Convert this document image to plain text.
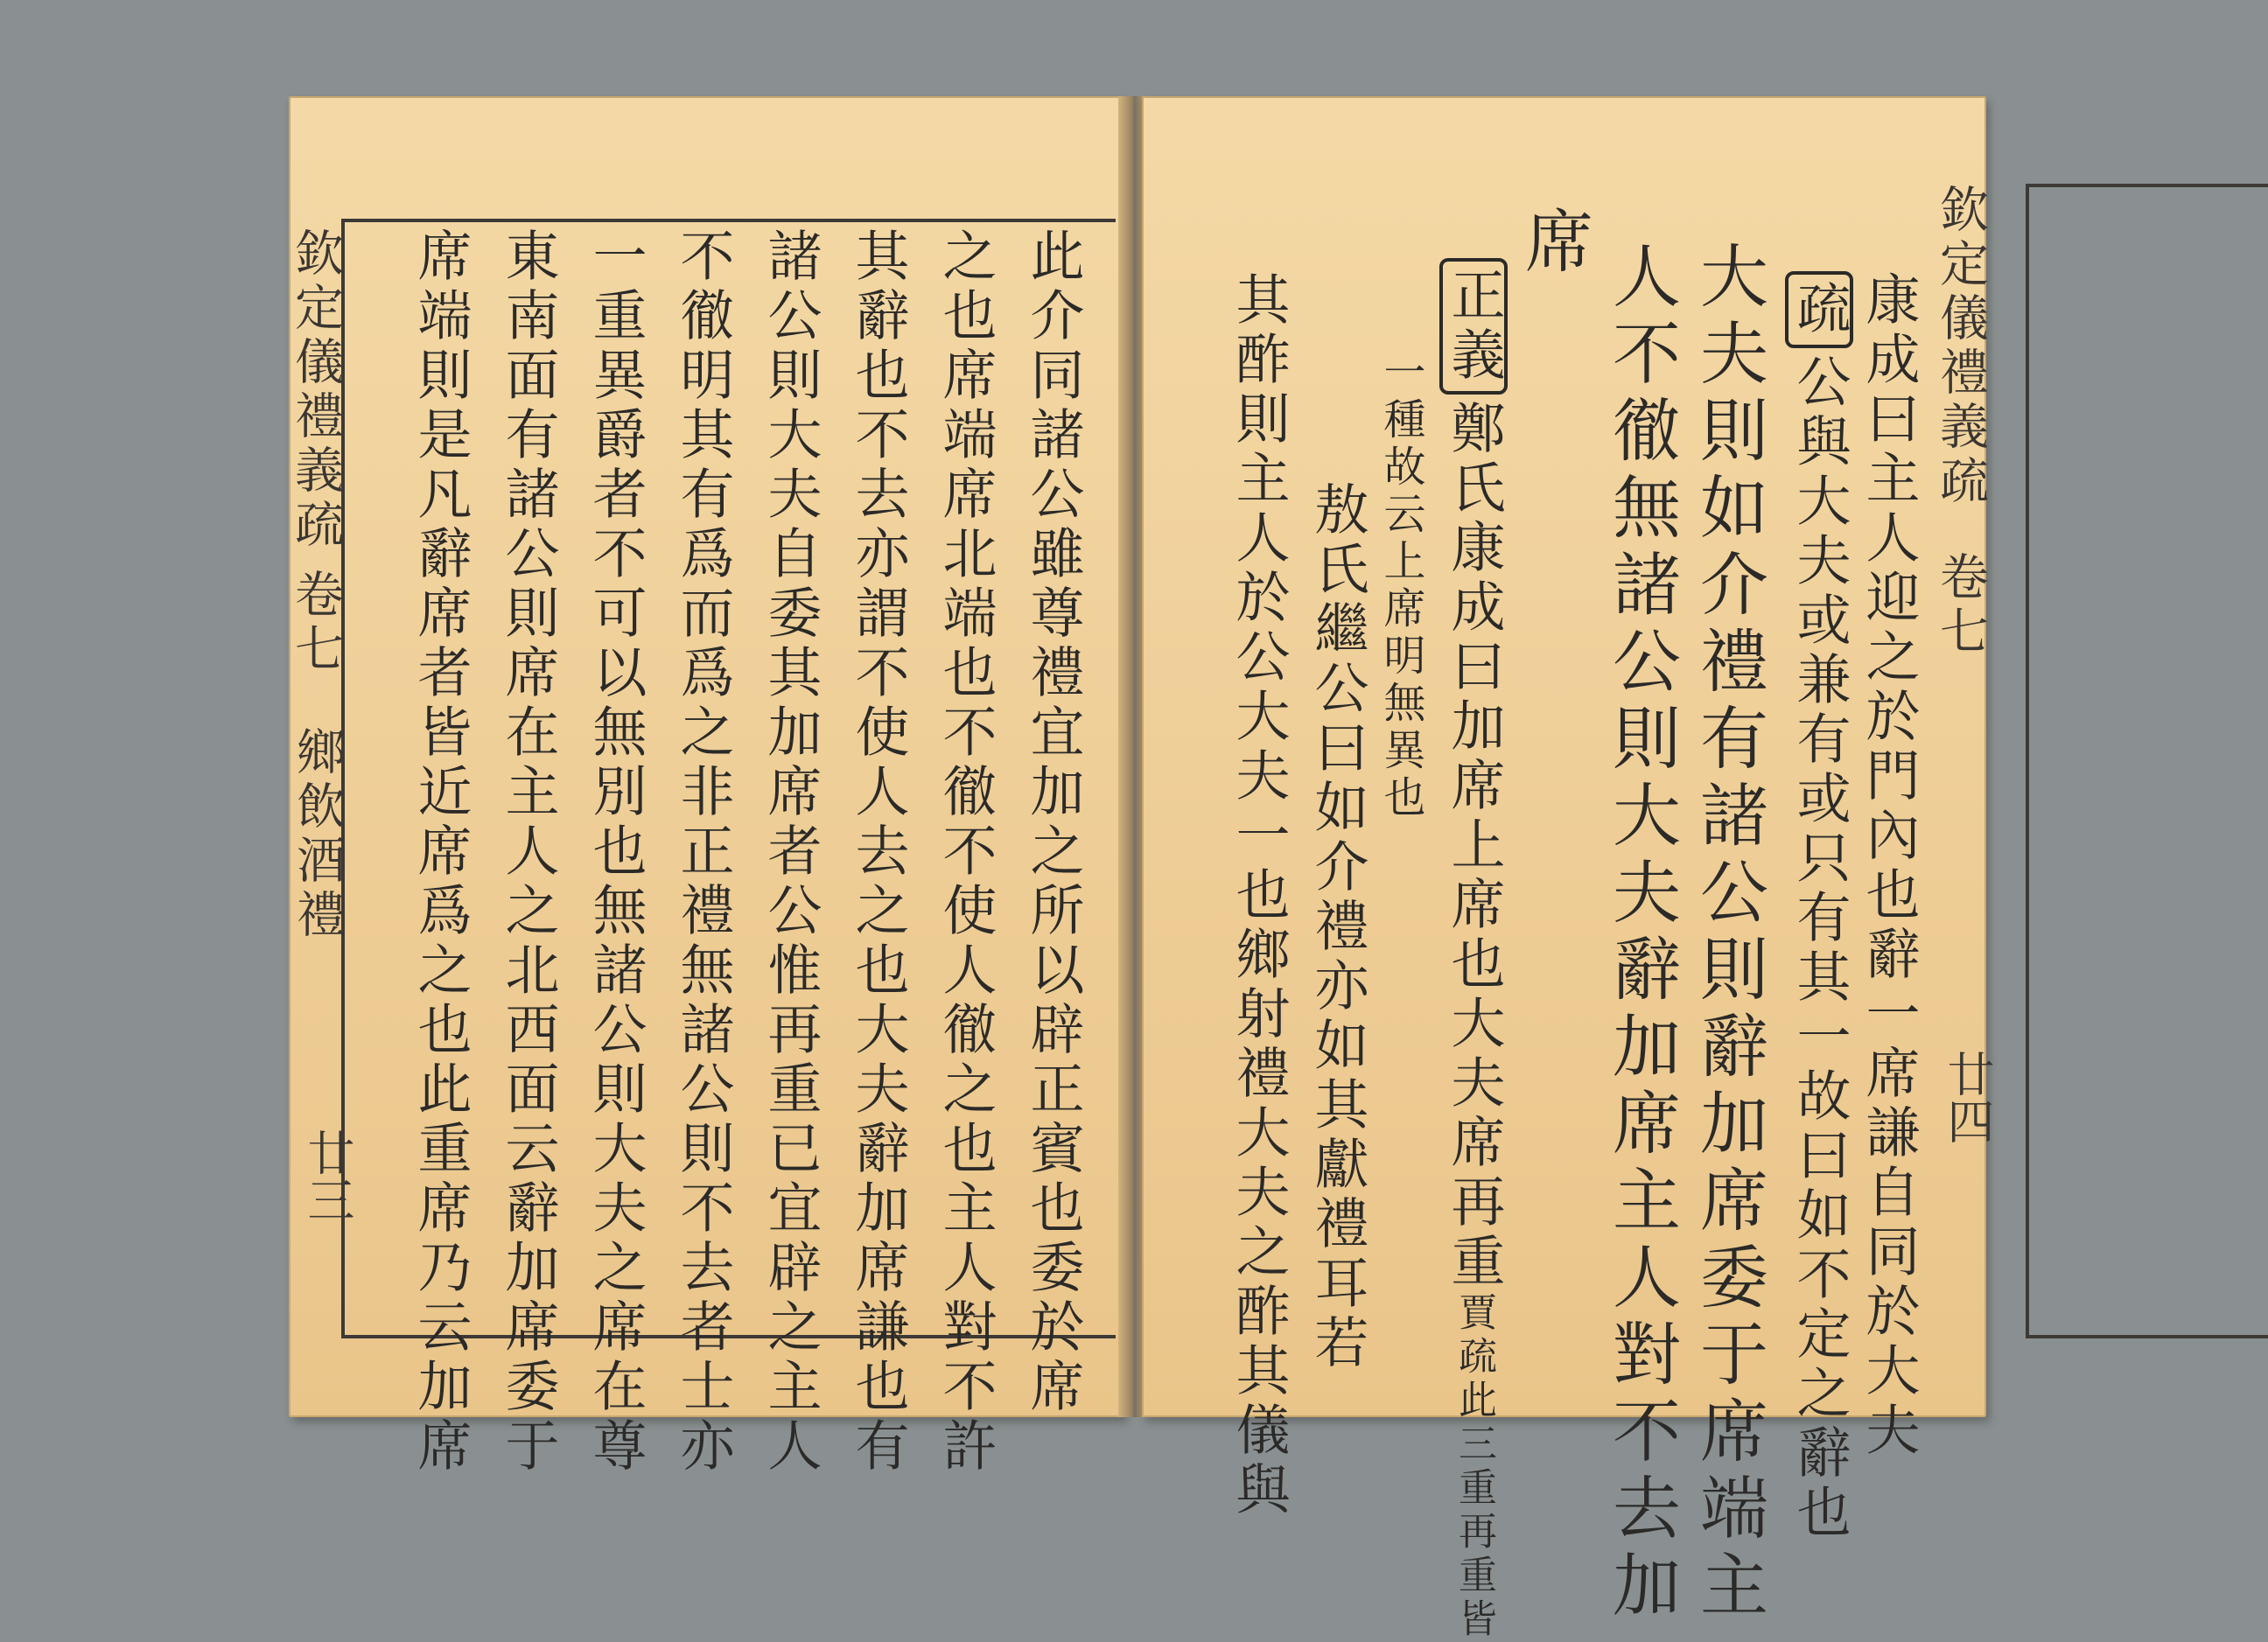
欽定儀禮義疏
卷七
鄉飲酒禮
廿三	此介同諸公雖尊禮宜加之所以辟正賓也委於席
之也席端席北端也不徹不使人徹之也主人對不許
其辭也不去亦謂不使人去之也大夫辭加席謙也有
諸公則大夫自委其加席者公惟再重已宜辟之主人
不徹明其有爲而爲之非正禮無諸公則不去者士亦
一重異爵者不可以無別也無諸公則大夫之席在尊
東南面有諸公則席在主人之北西面云辭加席委于
席端則是凡辭席者皆近席爲之也此重席乃云加席	欽定儀禮義疏
卷七
廿四
康成曰主人迎之於門內也辭一席謙自同於大夫
疏公與大夫或兼有或只有其一故曰如不定之辭也
大夫則如介禮有諸公則辭加席委于席端主
人不徹無諸公則大夫辭加席主人對不去加
席
正義鄭氏康成曰加席上席也大夫席再重賈疏此三重再重皆
一種故云上席明無異也
敖氏繼公曰如介禮亦如其獻禮耳若
其酢則主人於公大夫一也鄉射禮大夫之酢其儀與
